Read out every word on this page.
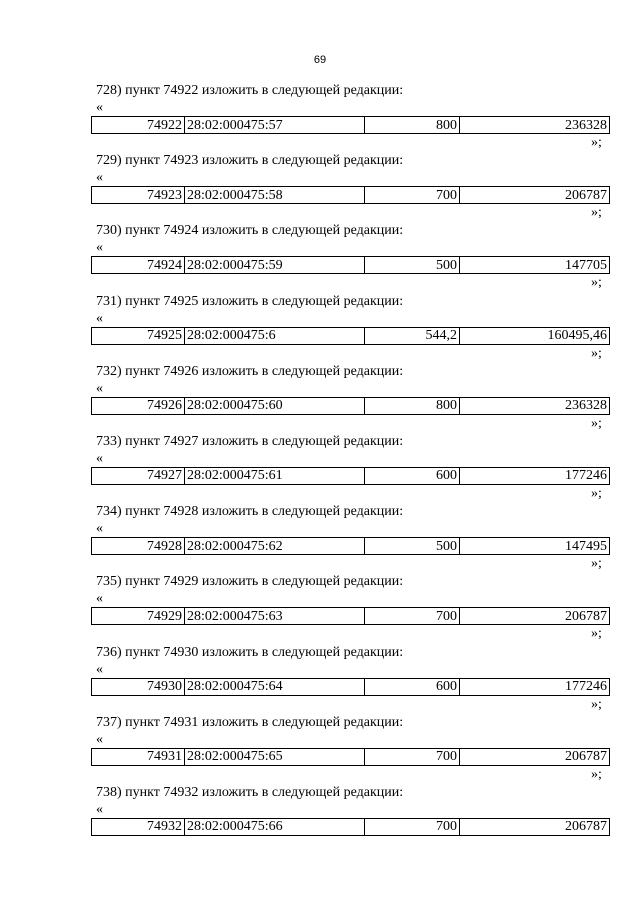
69
728) пункт 74922 изложить в следующей редакции:
«
74922	28:02:000475:57	800	236328
»;
729) пункт 74923 изложить в следующей редакции:
«
74923	28:02:000475:58	700	206787
»;
730) пункт 74924 изложить в следующей редакции:
«
74924	28:02:000475:59	500	147705
»;
731) пункт 74925 изложить в следующей редакции:
«
74925	28:02:000475:6	544,2	160495,46
»;
732) пункт 74926 изложить в следующей редакции:
«
74926	28:02:000475:60	800	236328
»;
733) пункт 74927 изложить в следующей редакции:
«
74927	28:02:000475:61	600	177246
»;
734) пункт 74928 изложить в следующей редакции:
«
74928	28:02:000475:62	500	147495
»;
735) пункт 74929 изложить в следующей редакции:
«
74929	28:02:000475:63	700	206787
»;
736) пункт 74930 изложить в следующей редакции:
«
74930	28:02:000475:64	600	177246
»;
737) пункт 74931 изложить в следующей редакции:
«
74931	28:02:000475:65	700	206787
»;
738) пункт 74932 изложить в следующей редакции:
«
74932	28:02:000475:66	700	206787
